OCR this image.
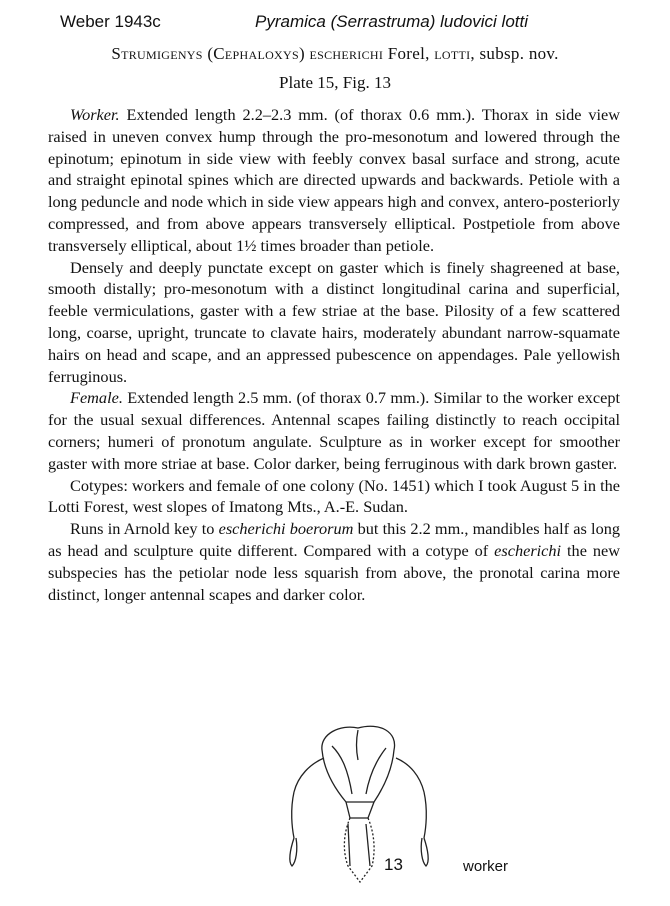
Weber 1943c	Pyramica (Serrastruma) ludovici lotti
Strumigenys (Cephaloxys) escherichi Forel, lotti, subsp. nov.
Plate 15, Fig. 13

Worker. Extended length 2.2–2.3 mm. (of thorax 0.6 mm.). Thorax in side view raised in uneven convex hump through the pro-mesonotum and lowered through the epinotum; epinotum in side view with feebly convex basal surface and strong, acute and straight epinotal spines which are directed upwards and backwards. Petiole with a long peduncle and node which in side view appears high and convex, antero-posteriorly compressed, and from above appears transversely elliptical. Postpetiole from above transversely elliptical, about 1½ times broader than petiole.

Densely and deeply punctate except on gaster which is finely shagreened at base, smooth distally; pro-mesonotum with a distinct longitudinal carina and superficial, feeble vermiculations, gaster with a few striae at the base. Pilosity of a few scattered long, coarse, upright, truncate to clavate hairs, moderately abundant narrow-squamate hairs on head and scape, and an appressed pubescence on appendages. Pale yellowish ferruginous.

Female. Extended length 2.5 mm. (of thorax 0.7 mm.). Similar to the worker except for the usual sexual differences. Antennal scapes failing distinctly to reach occipital corners; humeri of pronotum angulate. Sculpture as in worker except for smoother gaster with more striae at base. Color darker, being ferruginous with dark brown gaster.

Cotypes: workers and female of one colony (No. 1451) which I took August 5 in the Lotti Forest, west slopes of Imatong Mts., A.-E. Sudan.

Runs in Arnold key to escherichi boerorum but this 2.2 mm., mandibles half as long as head and sculpture quite different. Compared with a cotype of escherichi the new subspecies has the petiolar node less squarish from above, the pronotal carina more distinct, longer antennal scapes and darker color.

13	worker
